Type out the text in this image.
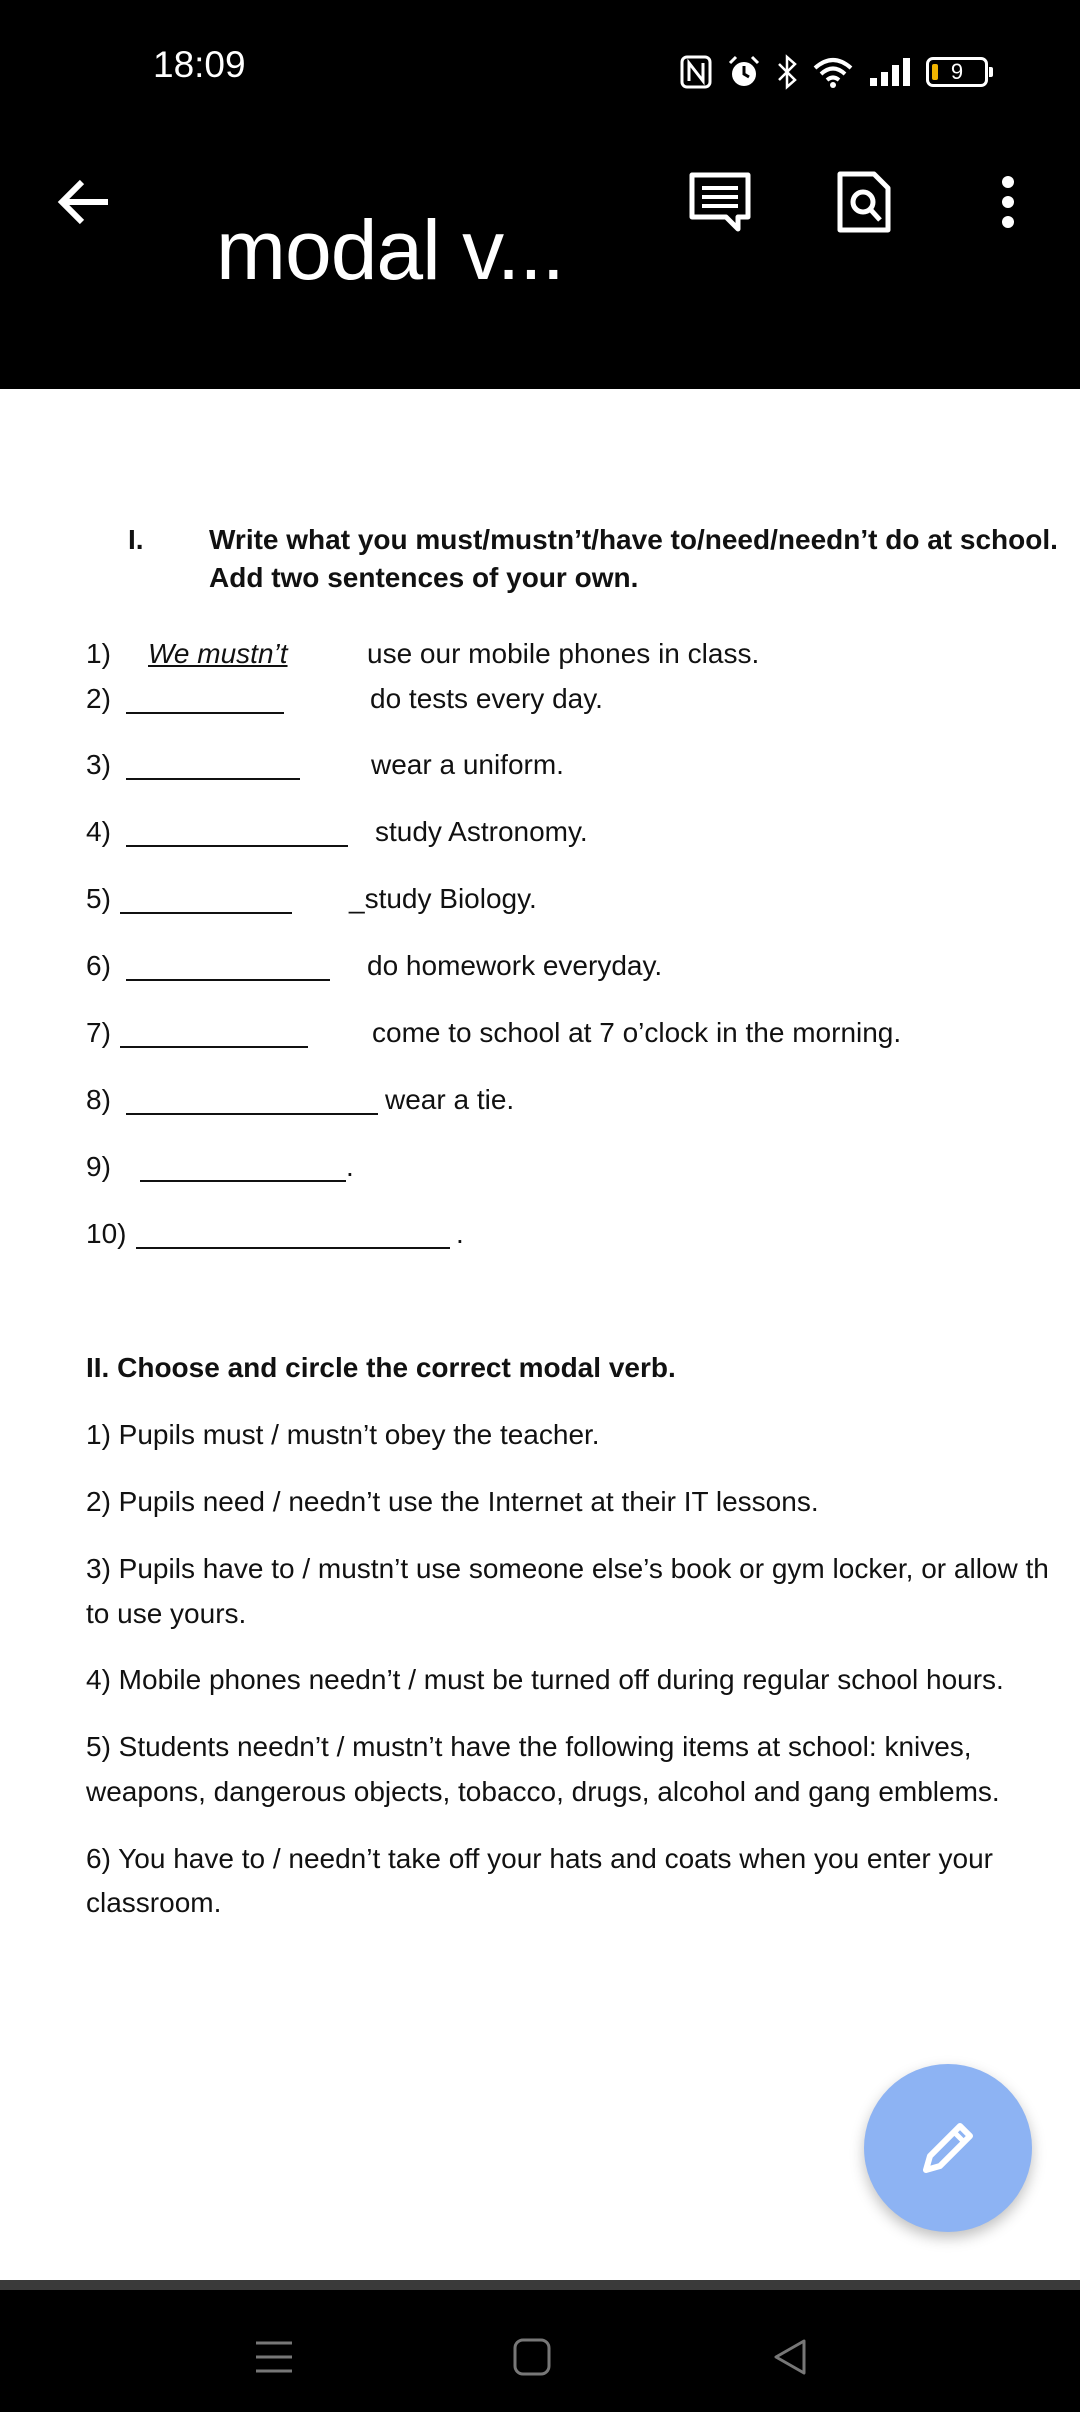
18:09	9
modal v...
I. Write what you must/mustn’t/have to/need/needn’t do at school.
Add two sentences of your own.
1) We mustn’t	use our mobile phones in class.
2)	do tests every day.
3)	wear a uniform.
4)	study Astronomy.
5)	_study Biology.
6)	do homework everyday.
7)	come to school at 7 o’clock in the morning.
8)	wear a tie.
9)	.
10)	.
II. Choose and circle the correct modal verb.
1) Pupils must / mustn’t obey the teacher.
2) Pupils need / needn’t use the Internet at their IT lessons.
3) Pupils have to / mustn’t use someone else’s book or gym locker, or allow th
to use yours.
4) Mobile phones needn’t / must be turned off during regular school hours.
5) Students needn’t / mustn’t have the following items at school: knives,
weapons, dangerous objects, tobacco, drugs, alcohol and gang emblems.
6) You have to / needn’t take off your hats and coats when you enter your
classroom.
